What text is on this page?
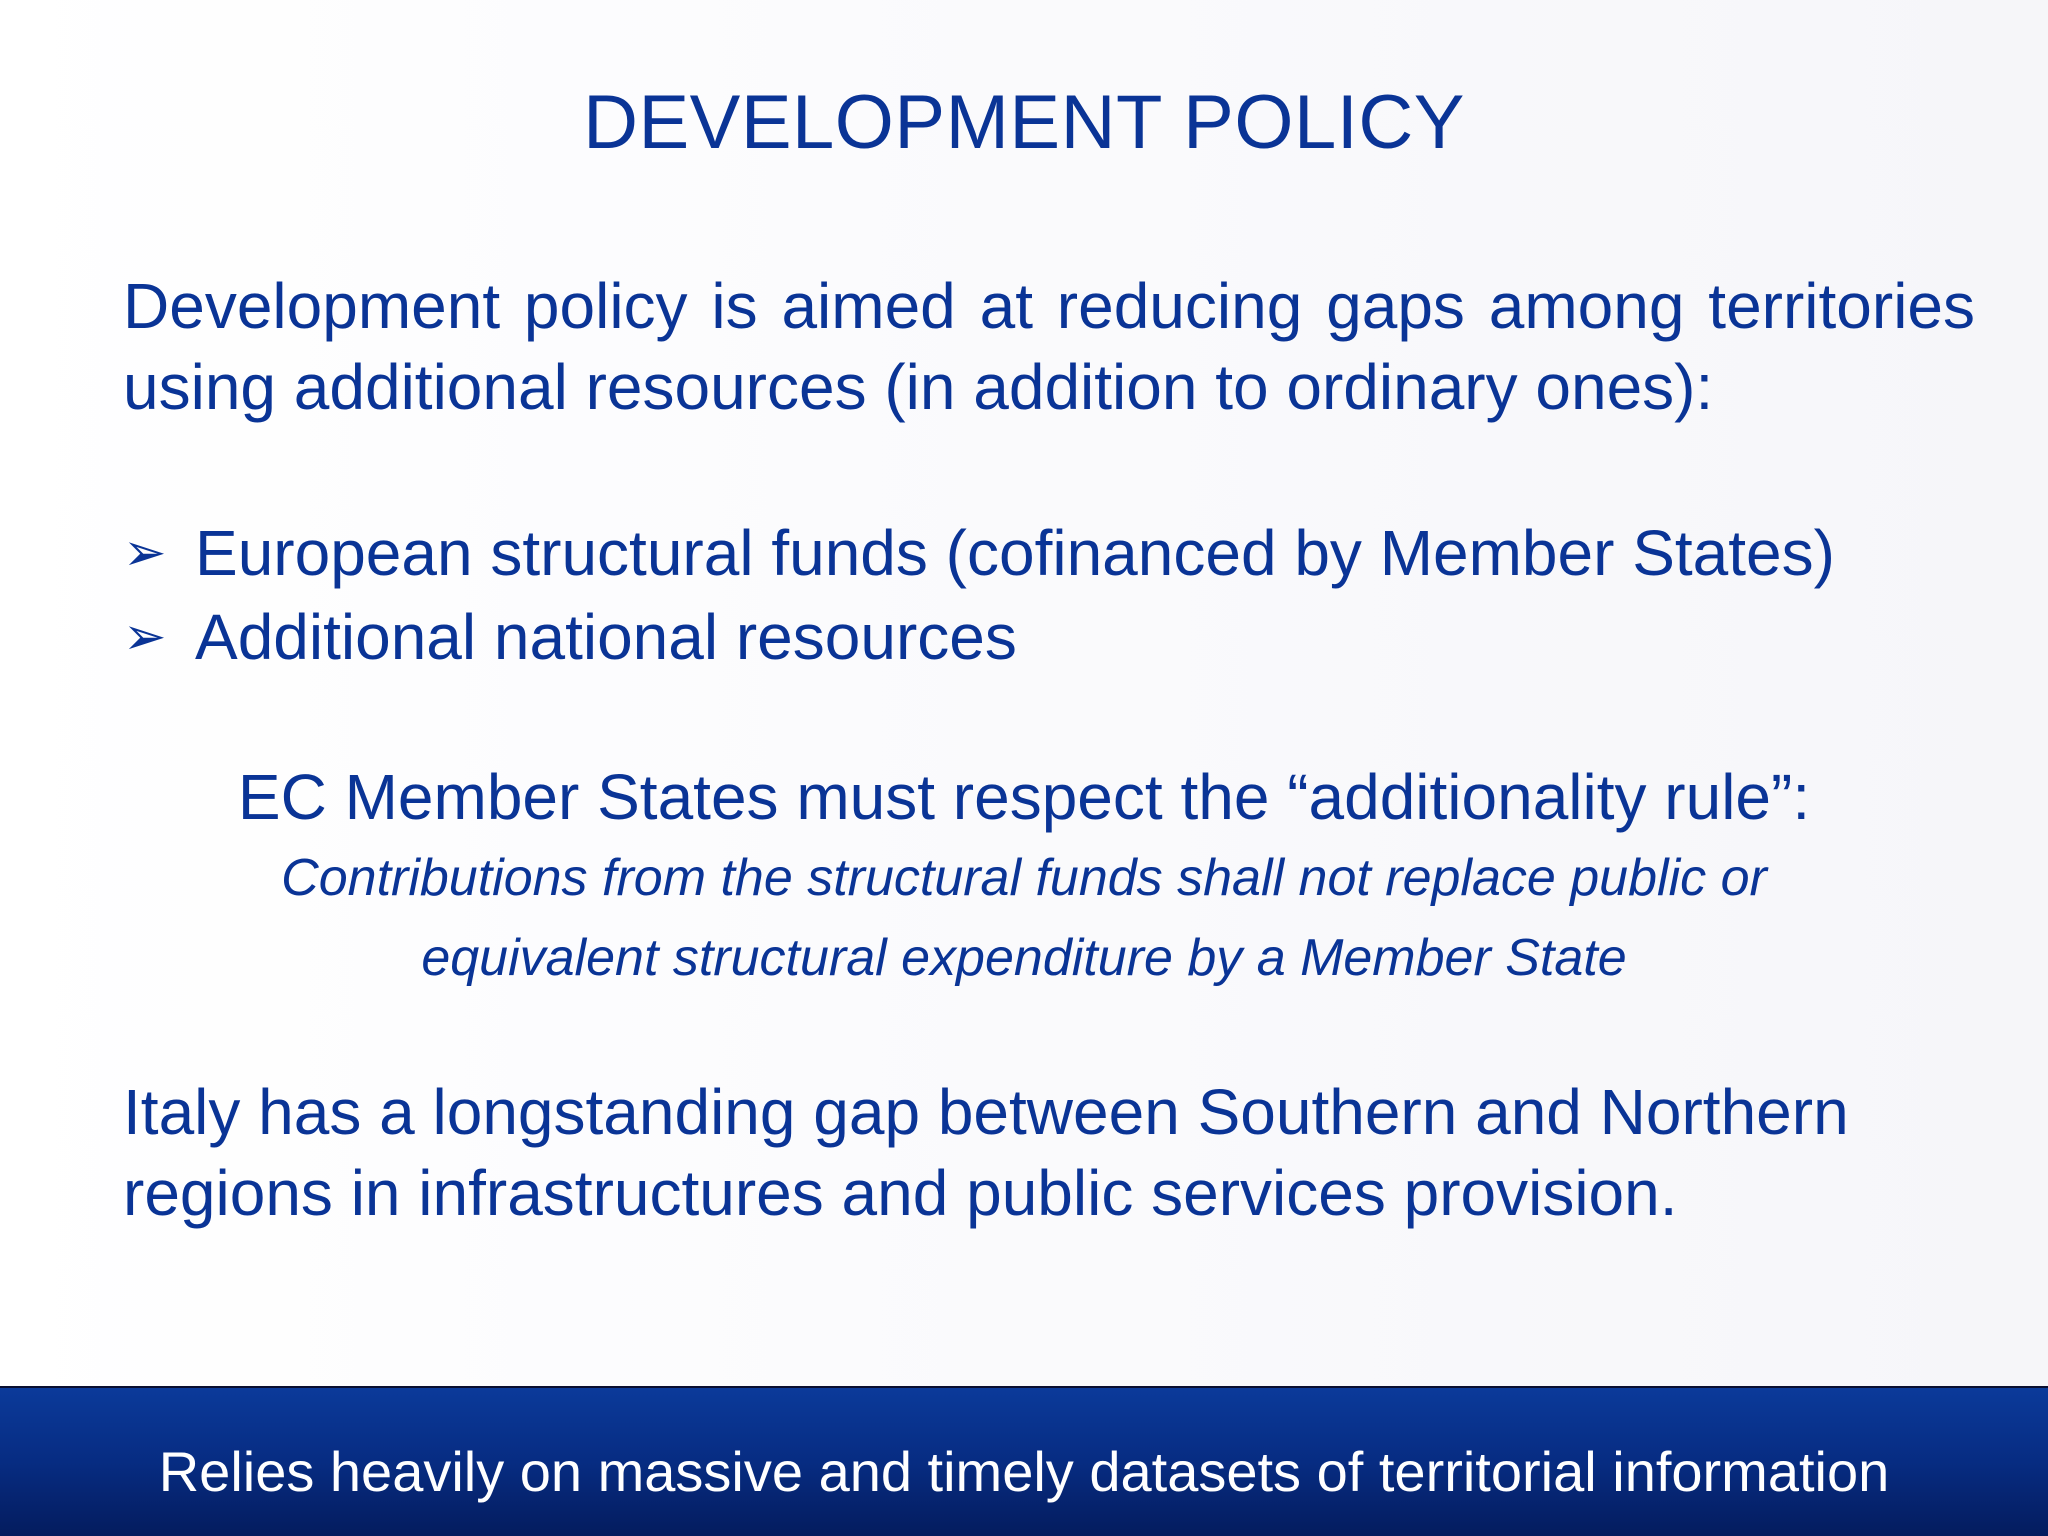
DEVELOPMENT POLICY
Development policy is aimed at reducing gaps among territories using additional resources (in addition to ordinary ones):
➢ European structural funds (cofinanced by Member States)
➢ Additional national resources
EC Member States must respect the “additionality rule”:
Contributions from the structural funds shall not replace public or
equivalent structural expenditure by a Member State
Italy has a longstanding gap between Southern and Northern regions in infrastructures and public services provision.
Relies heavily on massive and timely datasets of territorial information
